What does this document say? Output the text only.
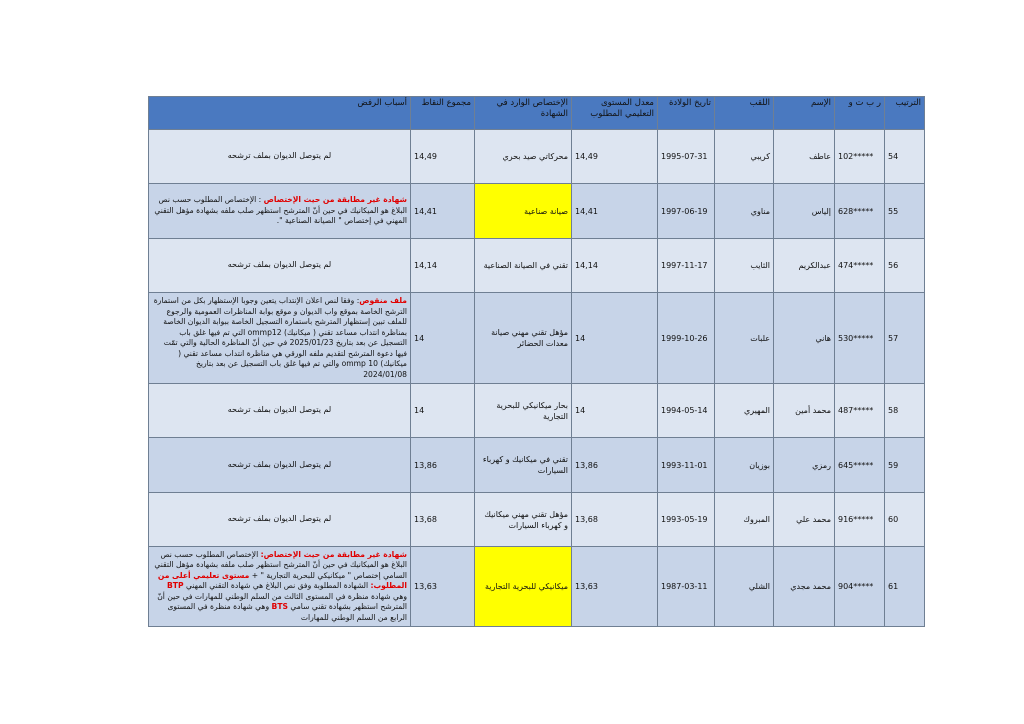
الترتيب	ر ب ت و	الإسم	اللقب	تاريخ الولادة	معدل المستوى التعليمي المطلوب	الإختصاص الوارد في الشهادة	مجموع النقاط	أسباب الرفض
54	102*****	عاطف	كريبي	1995-07-31	14,49	محركاتي صيد بحري	14,49	لم يتوصل الديوان بملف ترشحه

55	628*****	إلياس	مناوي	1997-06-19	14,41	صيانة صناعية	14,41	شهادة غير مطابقة من حيث الإختصاص : الإختصاص المطلوب حسب نص البلاغ هو الميكانيك في حين أنّ المترشح استظهر صلب ملفه بشهادة مؤهل التقني المهني في إختصاص " الصيانة الصناعية ".
56	474*****	عبدالكريم	الثايب	1997-11-17	14,14	تقني في الصيانة الصناعية	14,14	لم يتوصل الديوان بملف ترشحه

57	530*****	هاني	علبات	1999-10-26	14	مؤهل تقني مهني صيانة معدات الحضائر	14	ملف منقوص: وفقا لنص اعلان الإنتداب يتعين وجوبا الإستظهار بكل من استمارة الترشح الخاصة بموقع واب الديوان و موقع بوابة المناظرات العمومية والرجوع للملف تبين إستظهار المترشح باستمارة التسجيل الخاصة ببوابة الديوان الخاصة بمناظرة انتداب مساعد تقني ( ميكانيك) ommp12 التي تم فيها غلق باب التسجيل عن بعد بتاريخ 2025/01/23 في حين أنّ المناظرة الحالية والتي تمّت فيها دعوة المترشح لتقديم ملفه الورقي هي مناظرة انتداب مساعد تقني ( ميكانيك) ommp 10 والتي تم فيها غلق باب التسجيل عن بعد بتاريخ 2024/01/08
58	487*****	محمد أمين	المهيري	1994-05-14	14	بحار ميكانيكي للبحرية التجارية	14	لم يتوصل الديوان بملف ترشحه

59	645*****	رمزي	بوزيان	1993-11-01	13,86	تقني في ميكانيك و كهرباء السيارات	13,86	لم يتوصل الديوان بملف ترشحه

60	916*****	محمد علي	المبروك	1993-05-19	13,68	مؤهل تقني مهني ميكانيك و كهرباء السيارات	13,68	لم يتوصل الديوان بملف ترشحه

61	904*****	محمد مجدي	الشلي	1987-03-11	13,63	ميكانيكي للبحرية التجارية	13,63	شهادة غير مطابقة من حيث الإختصاص: الإختصاص المطلوب حسب نص البلاغ هو الميكانيك في حين أنّ المترشح استظهر صلب ملفه بشهادة مؤهل التقني السامي إختصاص " ميكانيكي للبحرية التجارية " + مستوى تعليمي أعلى من المطلوب: الشهادة المطلوبة وفق نص البلاغ هي شهادة التقني المهني BTP وهي شهادة منظرة في المستوى الثالث من السلم الوطني للمهارات في حين أنّ المترشح استظهر بشهادة تقني سامي BTS وهي شهادة منظرة في المستوى الرابع من السلم الوطني للمهارات
